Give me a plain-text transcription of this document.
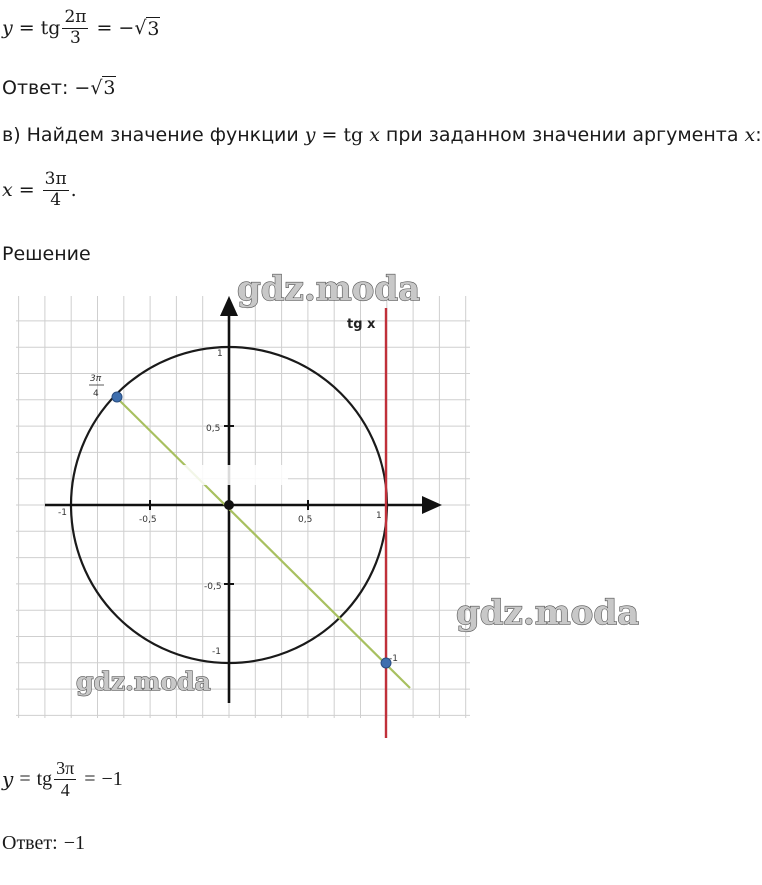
y = tg $\frac{2\pi}{3}$ = − √ 3
Ответ: − √ 3
в) Найдем значение функции y = tg x при заданном значении аргумента x :
$x = \frac{3\pi}{4}$ .
Решение
-1
-0,5	0,5	1
1
0,5
-0,5
-1
-1
3π
4
tg x
gdz.moda
gdz.moda
gdz.moda
y = tg $\frac{3\pi}{4} = -1$
Ответ: −1
